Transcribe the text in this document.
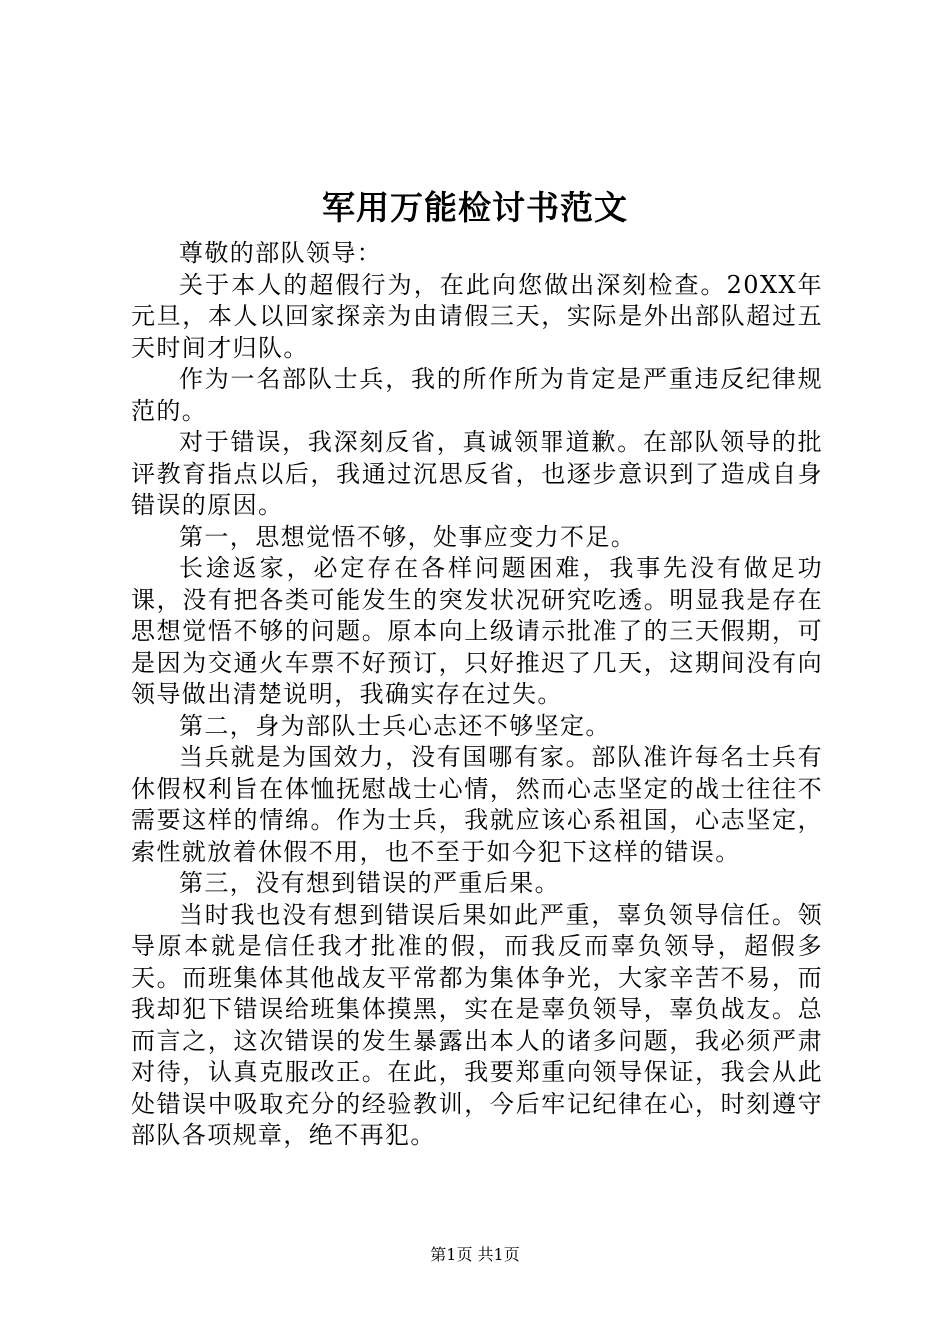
军用万能检讨书范文

尊敬的部队领导：

关于本人的超假行为，在此向您做出深刻检查。20XX年元旦，本人以回家探亲为由请假三天，实际是外出部队超过五天时间才归队。

作为一名部队士兵，我的所作所为肯定是严重违反纪律规范的。

对于错误，我深刻反省，真诚领罪道歉。在部队领导的批评教育指点以后，我通过沉思反省，也逐步意识到了造成自身错误的原因。

第一，思想觉悟不够，处事应变力不足。

长途返家，必定存在各样问题困难，我事先没有做足功课，没有把各类可能发生的突发状况研究吃透。明显我是存在思想觉悟不够的问题。原本向上级请示批准了的三天假期，可是因为交通火车票不好预订，只好推迟了几天，这期间没有向领导做出清楚说明，我确实存在过失。

第二，身为部队士兵心志还不够坚定。

当兵就是为国效力，没有国哪有家。部队准许每名士兵有休假权利旨在体恤抚慰战士心情，然而心志坚定的战士往往不需要这样的情绵。作为士兵，我就应该心系祖国，心志坚定，索性就放着休假不用，也不至于如今犯下这样的错误。

第三，没有想到错误的严重后果。

当时我也没有想到错误后果如此严重，辜负领导信任。领导原本就是信任我才批准的假，而我反而辜负领导，超假多天。而班集体其他战友平常都为集体争光，大家辛苦不易，而我却犯下错误给班集体摸黑，实在是辜负领导，辜负战友。总而言之，这次错误的发生暴露出本人的诸多问题，我必须严肃对待，认真克服改正。在此，我要郑重向领导保证，我会从此处错误中吸取充分的经验教训，今后牢记纪律在心，时刻遵守部队各项规章，绝不再犯。

第1页 共1页
